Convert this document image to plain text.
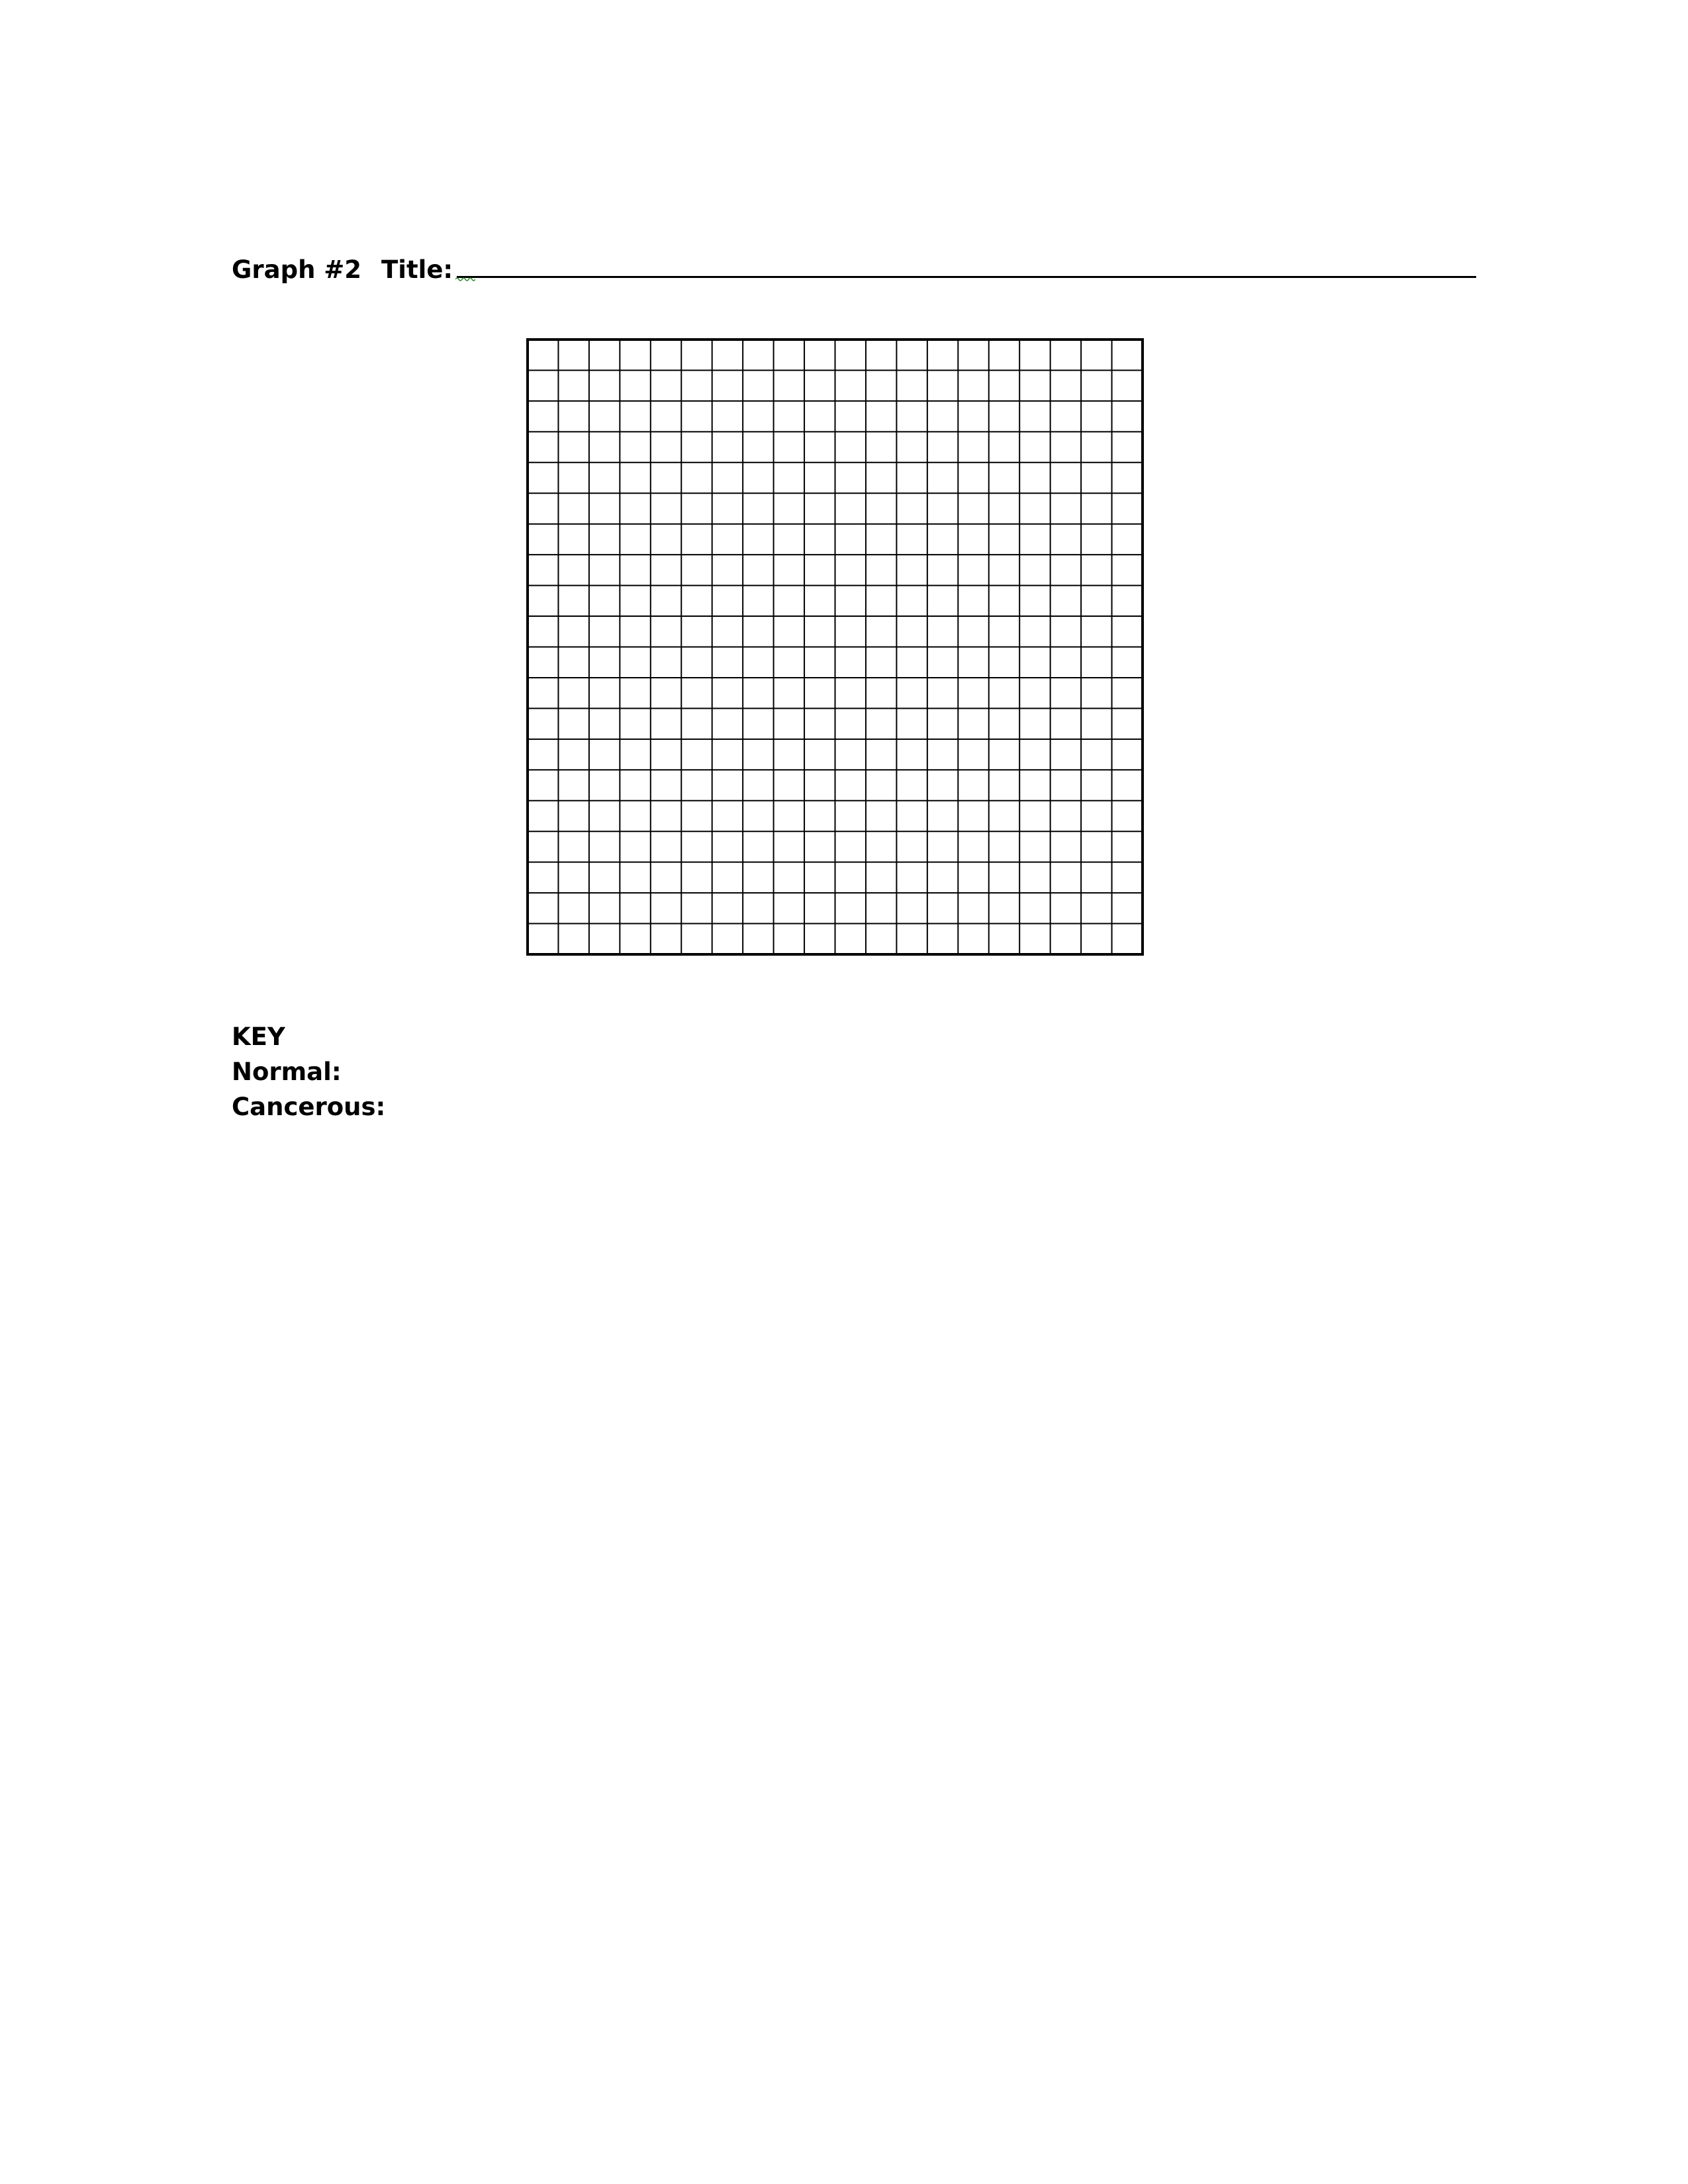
Graph #2 Title:
KEY
Normal:
Cancerous:
